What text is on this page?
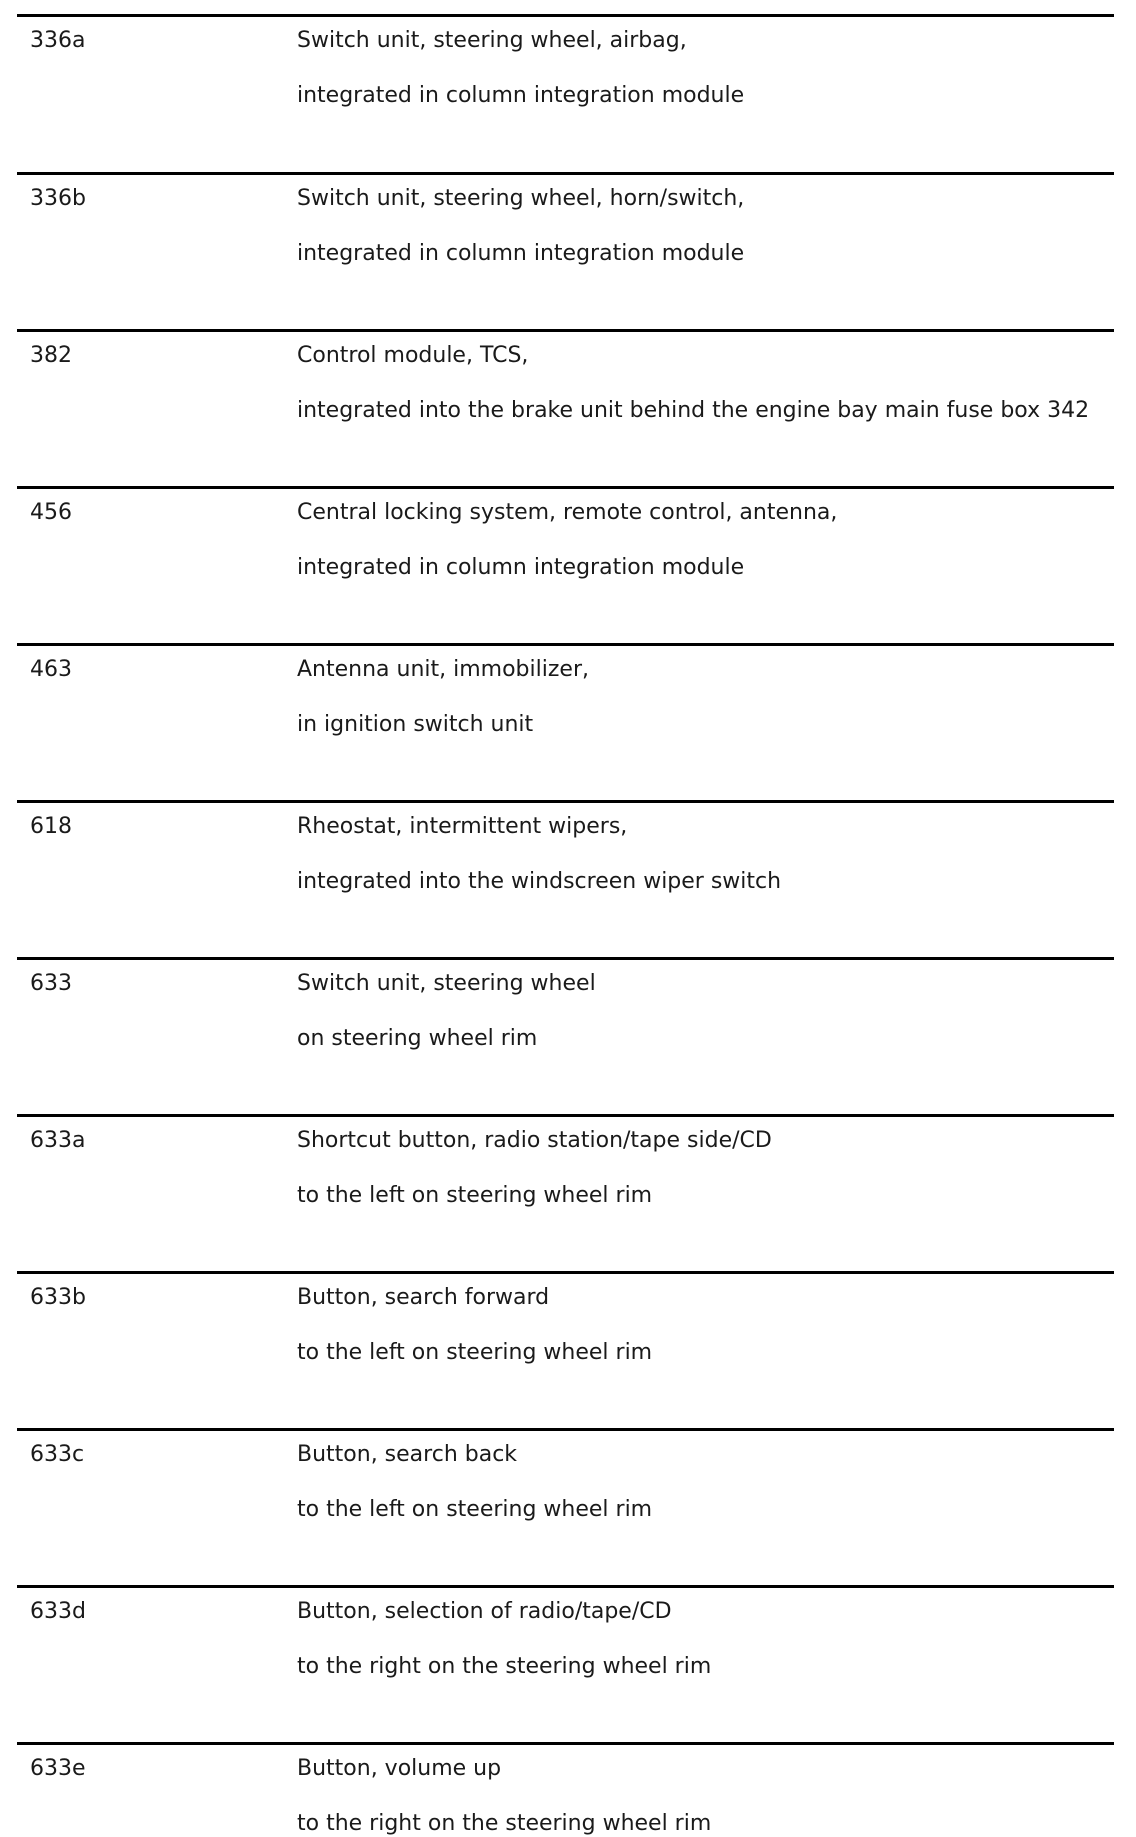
336a	Switch unit, steering wheel, airbag,
integrated in column integration module
336b	Switch unit, steering wheel, horn/switch,
integrated in column integration module
382	Control module, TCS,
integrated into the brake unit behind the engine bay main fuse box 342
456	Central locking system, remote control, antenna,
integrated in column integration module
463	Antenna unit, immobilizer,
in ignition switch unit
618	Rheostat, intermittent wipers,
integrated into the windscreen wiper switch
633	Switch unit, steering wheel
on steering wheel rim
633a	Shortcut button, radio station/tape side/CD
to the left on steering wheel rim
633b	Button, search forward
to the left on steering wheel rim
633c	Button, search back
to the left on steering wheel rim
633d	Button, selection of radio/tape/CD
to the right on the steering wheel rim
633e	Button, volume up
to the right on the steering wheel rim
